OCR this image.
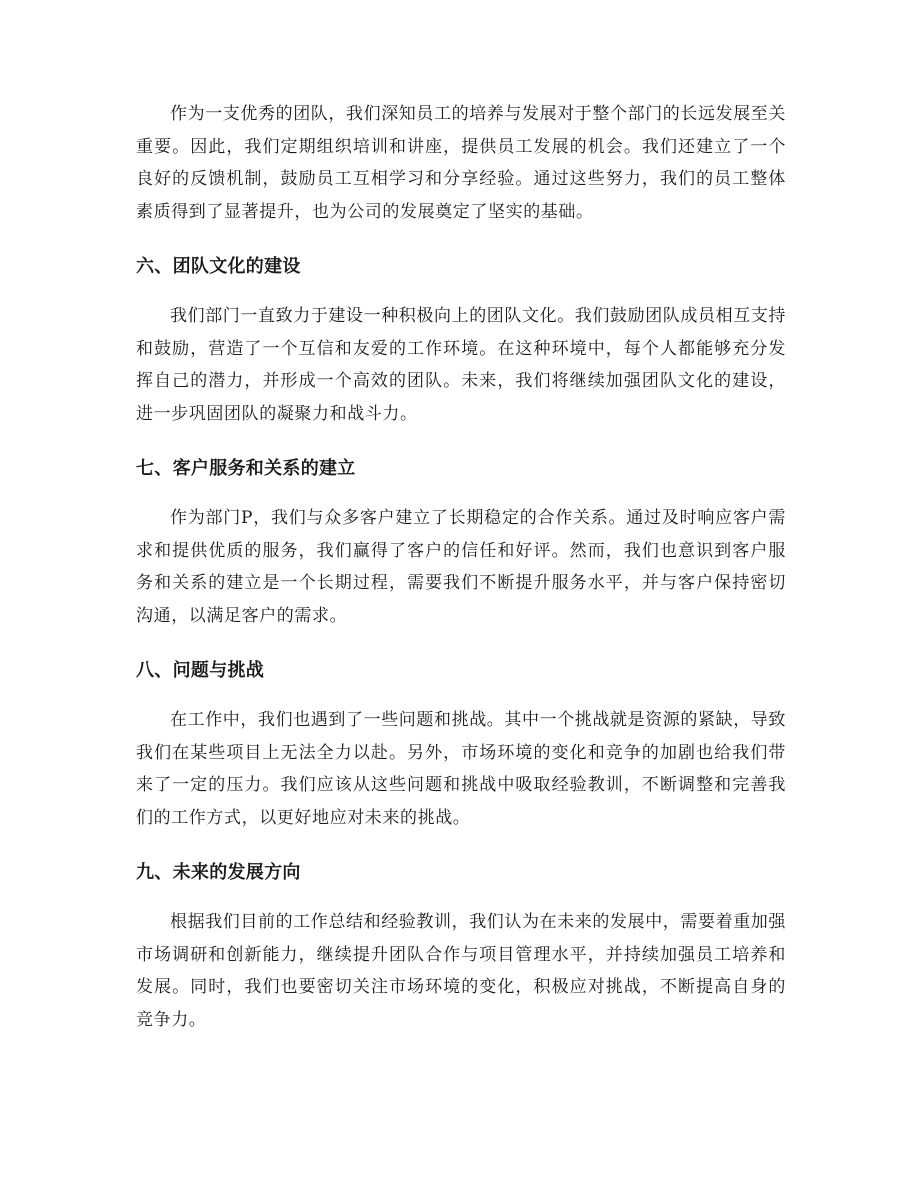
作为一支优秀的团队，我们深知员工的培养与发展对于整个部门的长远发展至关重要。因此，我们定期组织培训和讲座，提供员工发展的机会。我们还建立了一个良好的反馈机制，鼓励员工互相学习和分享经验。通过这些努力，我们的员工整体素质得到了显著提升，也为公司的发展奠定了坚实的基础。

六、团队文化的建设

我们部门一直致力于建设一种积极向上的团队文化。我们鼓励团队成员相互支持和鼓励，营造了一个互信和友爱的工作环境。在这种环境中，每个人都能够充分发挥自己的潜力，并形成一个高效的团队。未来，我们将继续加强团队文化的建设，进一步巩固团队的凝聚力和战斗力。

七、客户服务和关系的建立

作为部门P，我们与众多客户建立了长期稳定的合作关系。通过及时响应客户需求和提供优质的服务，我们赢得了客户的信任和好评。然而，我们也意识到客户服务和关系的建立是一个长期过程，需要我们不断提升服务水平，并与客户保持密切沟通，以满足客户的需求。

八、问题与挑战

在工作中，我们也遇到了一些问题和挑战。其中一个挑战就是资源的紧缺，导致我们在某些项目上无法全力以赴。另外，市场环境的变化和竞争的加剧也给我们带来了一定的压力。我们应该从这些问题和挑战中吸取经验教训，不断调整和完善我们的工作方式，以更好地应对未来的挑战。

九、未来的发展方向

根据我们目前的工作总结和经验教训，我们认为在未来的发展中，需要着重加强市场调研和创新能力，继续提升团队合作与项目管理水平，并持续加强员工培养和发展。同时，我们也要密切关注市场环境的变化，积极应对挑战，不断提高自身的竞争力。
